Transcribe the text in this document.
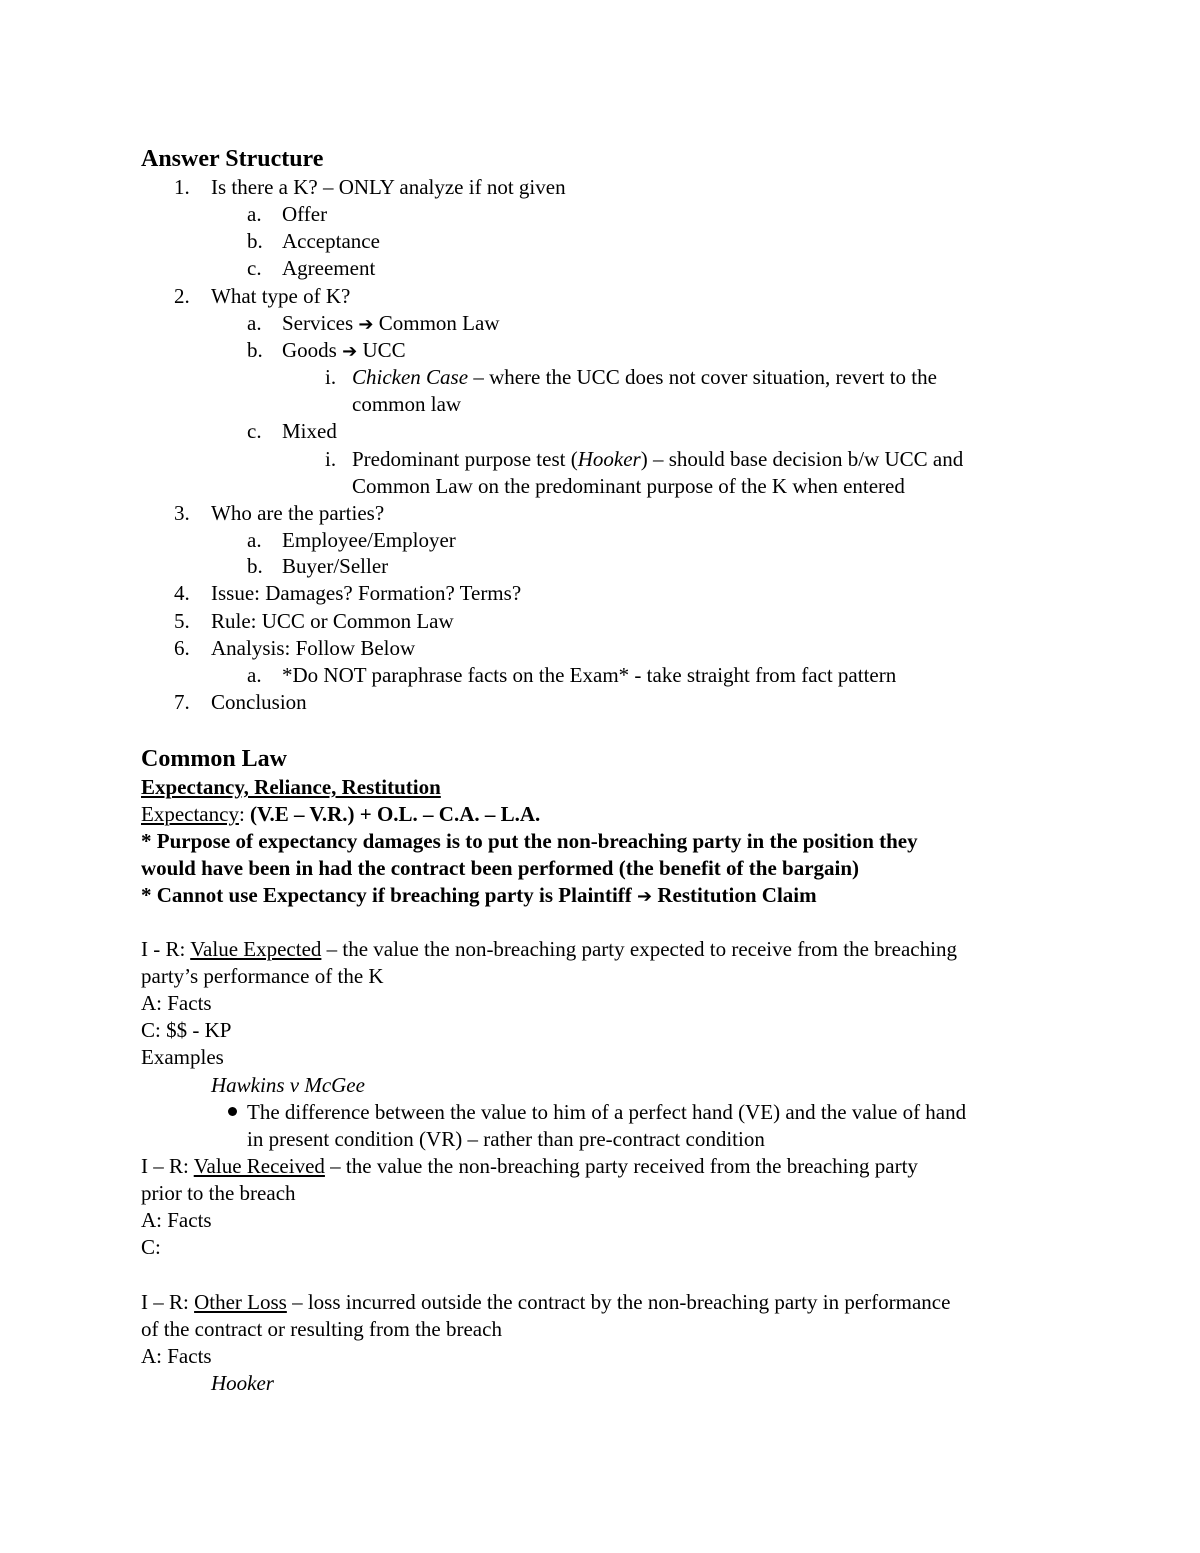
Answer Structure
1. Is there a K? – ONLY analyze if not given
a. Offer
b. Acceptance
c. Agreement
2. What type of K?
a. Services ➔ Common Law
b. Goods ➔ UCC
i. Chicken Case – where the UCC does not cover situation, revert to the
common law
c. Mixed
i. Predominant purpose test (Hooker) – should base decision b/w UCC and
Common Law on the predominant purpose of the K when entered
3. Who are the parties?
a. Employee/Employer
b. Buyer/Seller
4. Issue: Damages? Formation? Terms?
5. Rule: UCC or Common Law
6. Analysis: Follow Below
a. *Do NOT paraphrase facts on the Exam* - take straight from fact pattern
7. Conclusion
Common Law
Expectancy, Reliance, Restitution
Expectancy: (V.E – V.R.) + O.L. – C.A. – L.A.
* Purpose of expectancy damages is to put the non-breaching party in the position they
would have been in had the contract been performed (the benefit of the bargain)
* Cannot use Expectancy if breaching party is Plaintiff ➔ Restitution Claim
I - R: Value Expected – the value the non-breaching party expected to receive from the breaching
party’s performance of the K
A: Facts
C: $$ - KP
Examples
Hawkins v McGee
The difference between the value to him of a perfect hand (VE) and the value of hand
in present condition (VR) – rather than pre-contract condition
I – R: Value Received – the value the non-breaching party received from the breaching party
prior to the breach
A: Facts
C:
I – R: Other Loss – loss incurred outside the contract by the non-breaching party in performance
of the contract or resulting from the breach
A: Facts
Hooker
